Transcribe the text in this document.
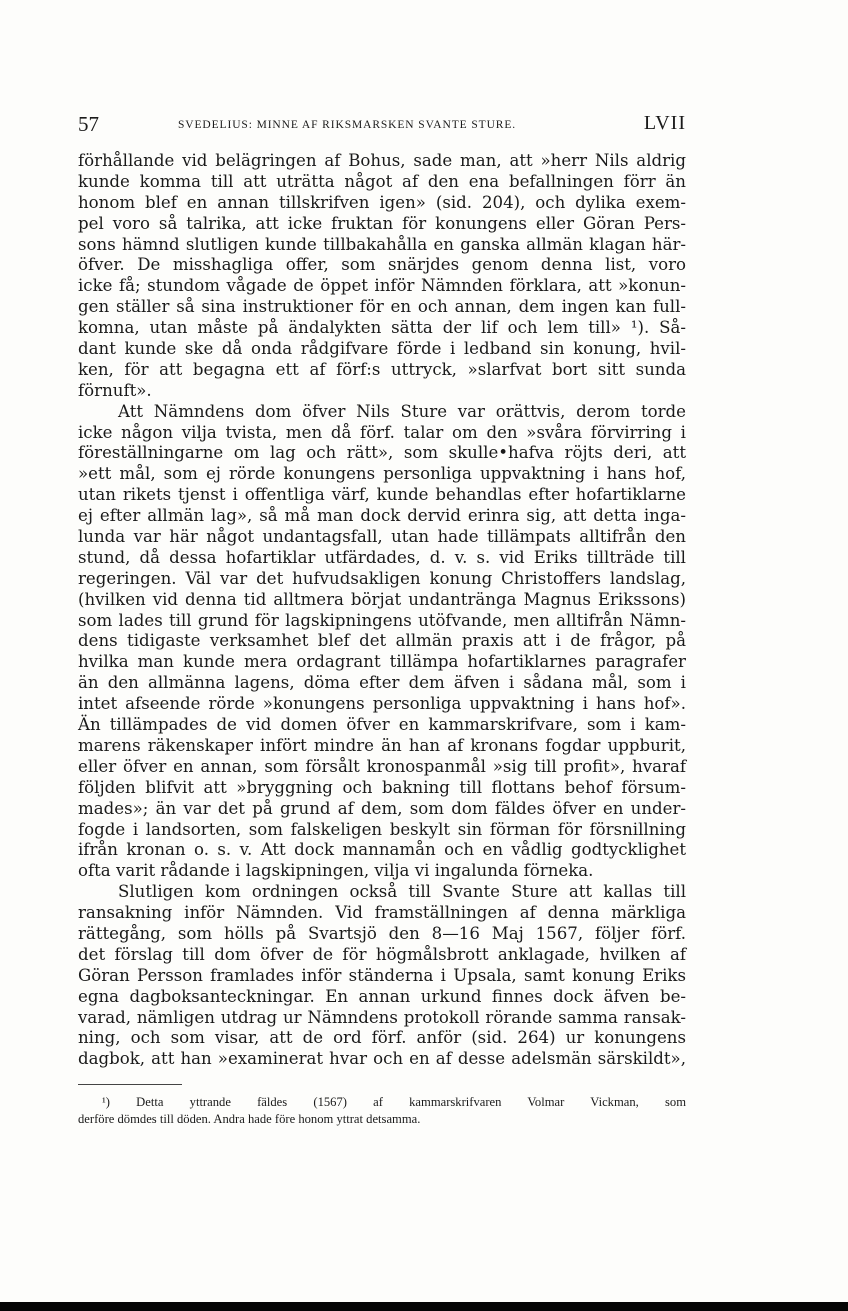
57	SVEDELIUS: MINNE AF RIKSMARSKEN SVANTE STURE.	LVII
förhållande vid belägringen af Bohus, sade man, att »herr Nils aldrig
kunde komma till att uträtta något af den ena befallningen förr än
honom blef en annan tillskrifven igen» (sid. 204), och dylika exem-
pel voro så talrika, att icke fruktan för konungens eller Göran Pers-
sons hämnd slutligen kunde tillbakahålla en ganska allmän klagan här-
öfver. De misshagliga offer, som snärjdes genom denna list, voro
icke få; stundom vågade de öppet inför Nämnden förklara, att »konun-
gen ställer så sina instruktioner för en och annan, dem ingen kan full-
komna, utan måste på ändalykten sätta der lif och lem till» ¹). Så-
dant kunde ske då onda rådgifvare förde i ledband sin konung, hvil-
ken, för att begagna ett af förf:s uttryck, »slarfvat bort sitt sunda
förnuft».
Att Nämndens dom öfver Nils Sture var orättvis, derom torde
icke någon vilja tvista, men då förf. talar om den »svåra förvirring i
föreställningarne om lag och rätt», som skulle•hafva röjts deri, att
»ett mål, som ej rörde konungens personliga uppvaktning i hans hof,
utan rikets tjenst i offentliga värf, kunde behandlas efter hofartiklarne
ej efter allmän lag», så må man dock dervid erinra sig, att detta inga-
lunda var här något undantagsfall, utan hade tillämpats alltifrån den
stund, då dessa hofartiklar utfärdades, d. v. s. vid Eriks tillträde till
regeringen. Väl var det hufvudsakligen konung Christoffers landslag,
(hvilken vid denna tid alltmera börjat undantränga Magnus Erikssons)
som lades till grund för lagskipningens utöfvande, men alltifrån Nämn-
dens tidigaste verksamhet blef det allmän praxis att i de frågor, på
hvilka man kunde mera ordagrant tillämpa hofartiklarnes paragrafer
än den allmänna lagens, döma efter dem äfven i sådana mål, som i
intet afseende rörde »konungens personliga uppvaktning i hans hof».
Än tillämpades de vid domen öfver en kammarskrifvare, som i kam-
marens räkenskaper infört mindre än han af kronans fogdar uppburit,
eller öfver en annan, som försålt kronospanmål »sig till profit», hvaraf
följden blifvit att »bryggning och bakning till flottans behof försum-
mades»; än var det på grund af dem, som dom fäldes öfver en under-
fogde i landsorten, som falskeligen beskylt sin förman för försnillning
ifrån kronan o. s. v. Att dock mannamån och en vådlig godtycklighet
ofta varit rådande i lagskipningen, vilja vi ingalunda förneka.
Slutligen kom ordningen också till Svante Sture att kallas till
ransakning inför Nämnden. Vid framställningen af denna märkliga
rättegång, som hölls på Svartsjö den 8—16 Maj 1567, följer förf.
det förslag till dom öfver de för högmålsbrott anklagade, hvilken af
Göran Persson framlades inför ständerna i Upsala, samt konung Eriks
egna dagboksanteckningar. En annan urkund finnes dock äfven be-
varad, nämligen utdrag ur Nämndens protokoll rörande samma ransak-
ning, och som visar, att de ord förf. anför (sid. 264) ur konungens
dagbok, att han »examinerat hvar och en af desse adelsmän särskildt»,
¹) Detta yttrande fäldes (1567) af kammarskrifvaren Volmar Vickman, som
derföre dömdes till döden. Andra hade före honom yttrat detsamma.
